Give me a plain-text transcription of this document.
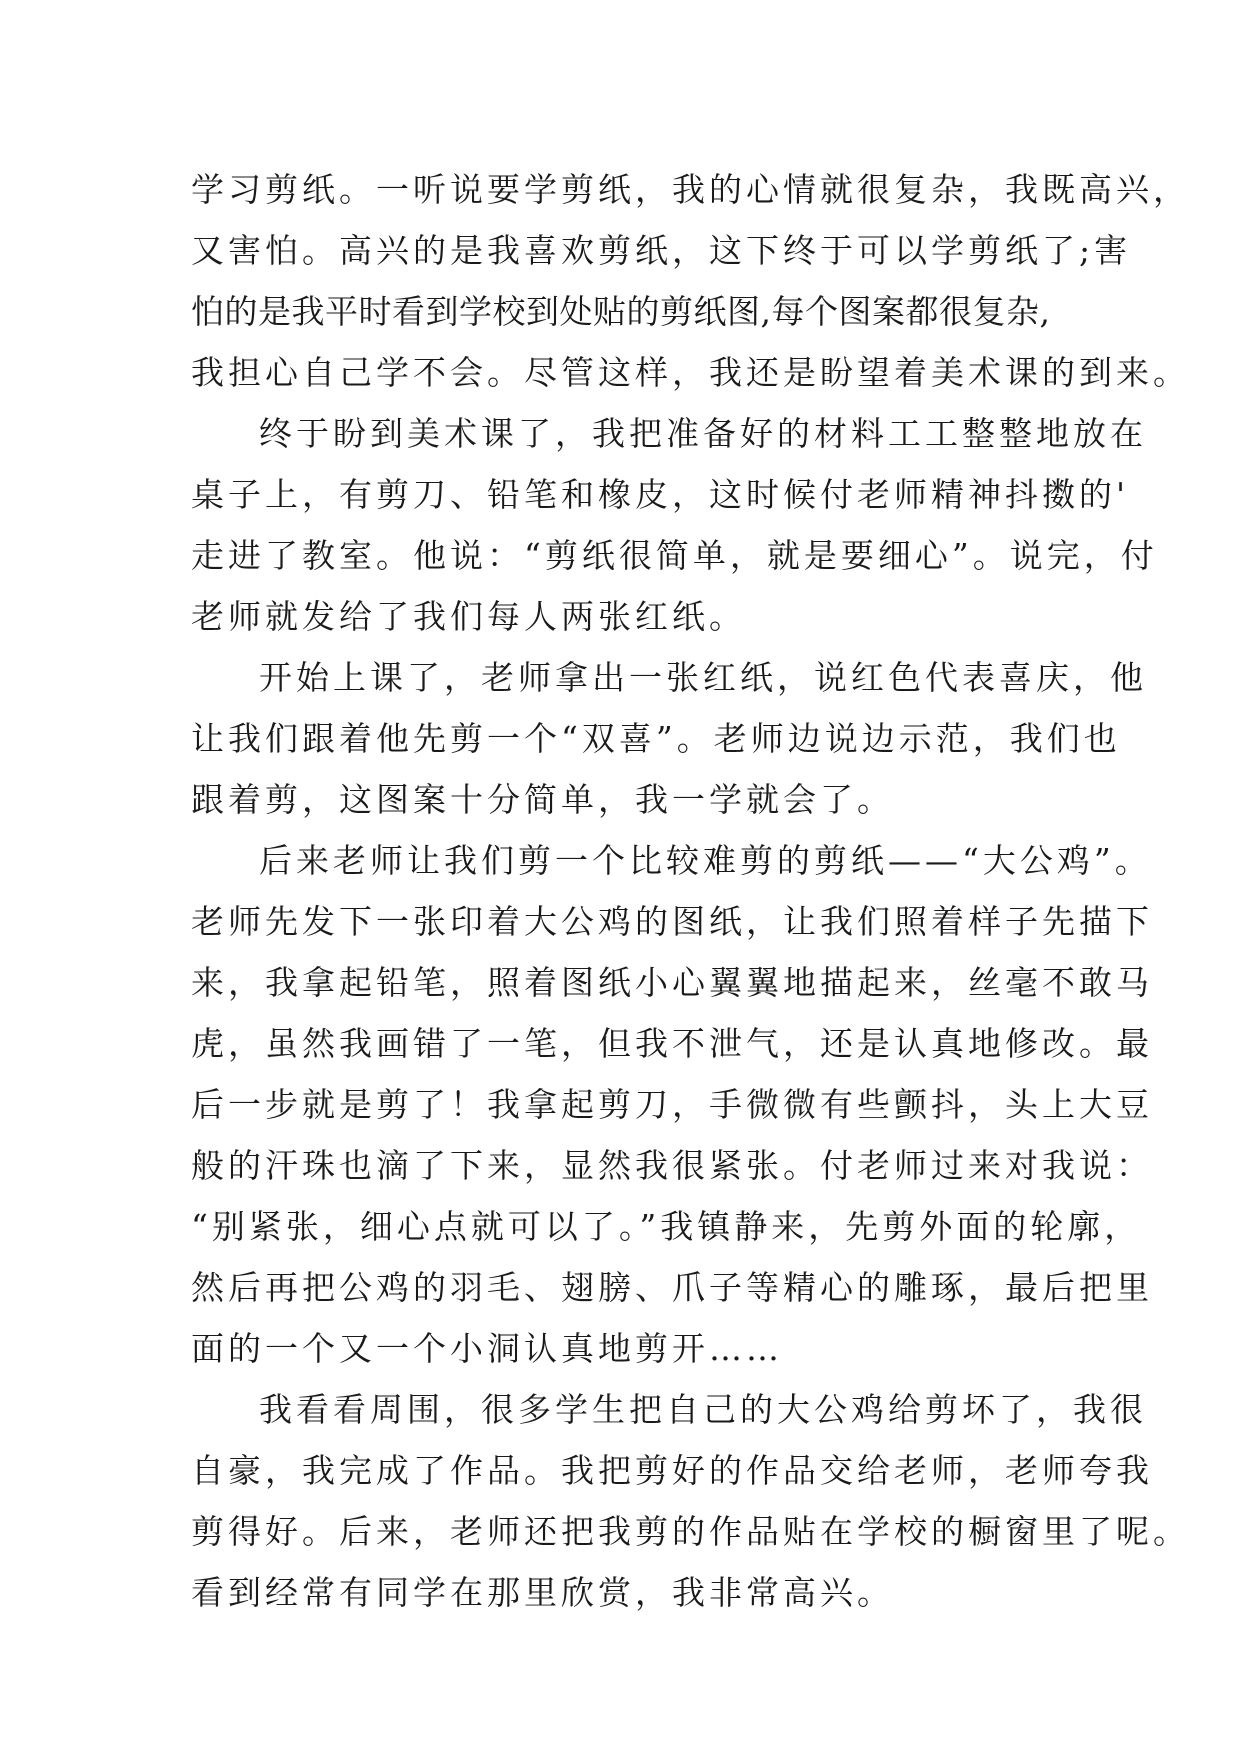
学习剪纸。一听说要学剪纸，我的心情就很复杂，我既高兴，
又害怕。高兴的是我喜欢剪纸，这下终于可以学剪纸了;害
怕的是我平时看到学校到处贴的剪纸图,每个图案都很复杂,
我担心自己学不会。尽管这样，我还是盼望着美术课的到来。
终于盼到美术课了，我把准备好的材料工工整整地放在
桌子上，有剪刀、铅笔和橡皮，这时候付老师精神抖擞的'
走进了教室。他说：“剪纸很简单，就是要细心”。说完，付
老师就发给了我们每人两张红纸。
开始上课了，老师拿出一张红纸，说红色代表喜庆，他
让我们跟着他先剪一个“双喜”。老师边说边示范，我们也
跟着剪，这图案十分简单，我一学就会了。
后来老师让我们剪一个比较难剪的剪纸——“大公鸡”。
老师先发下一张印着大公鸡的图纸，让我们照着样子先描下
来，我拿起铅笔，照着图纸小心翼翼地描起来，丝毫不敢马
虎，虽然我画错了一笔，但我不泄气，还是认真地修改。最
后一步就是剪了！我拿起剪刀，手微微有些颤抖，头上大豆
般的汗珠也滴了下来，显然我很紧张。付老师过来对我说：
“别紧张，细心点就可以了。”我镇静来，先剪外面的轮廓，
然后再把公鸡的羽毛、翅膀、爪子等精心的雕琢，最后把里
面的一个又一个小洞认真地剪开……
我看看周围，很多学生把自己的大公鸡给剪坏了，我很
自豪，我完成了作品。我把剪好的作品交给老师，老师夸我
剪得好。后来，老师还把我剪的作品贴在学校的橱窗里了呢。
看到经常有同学在那里欣赏，我非常高兴。
